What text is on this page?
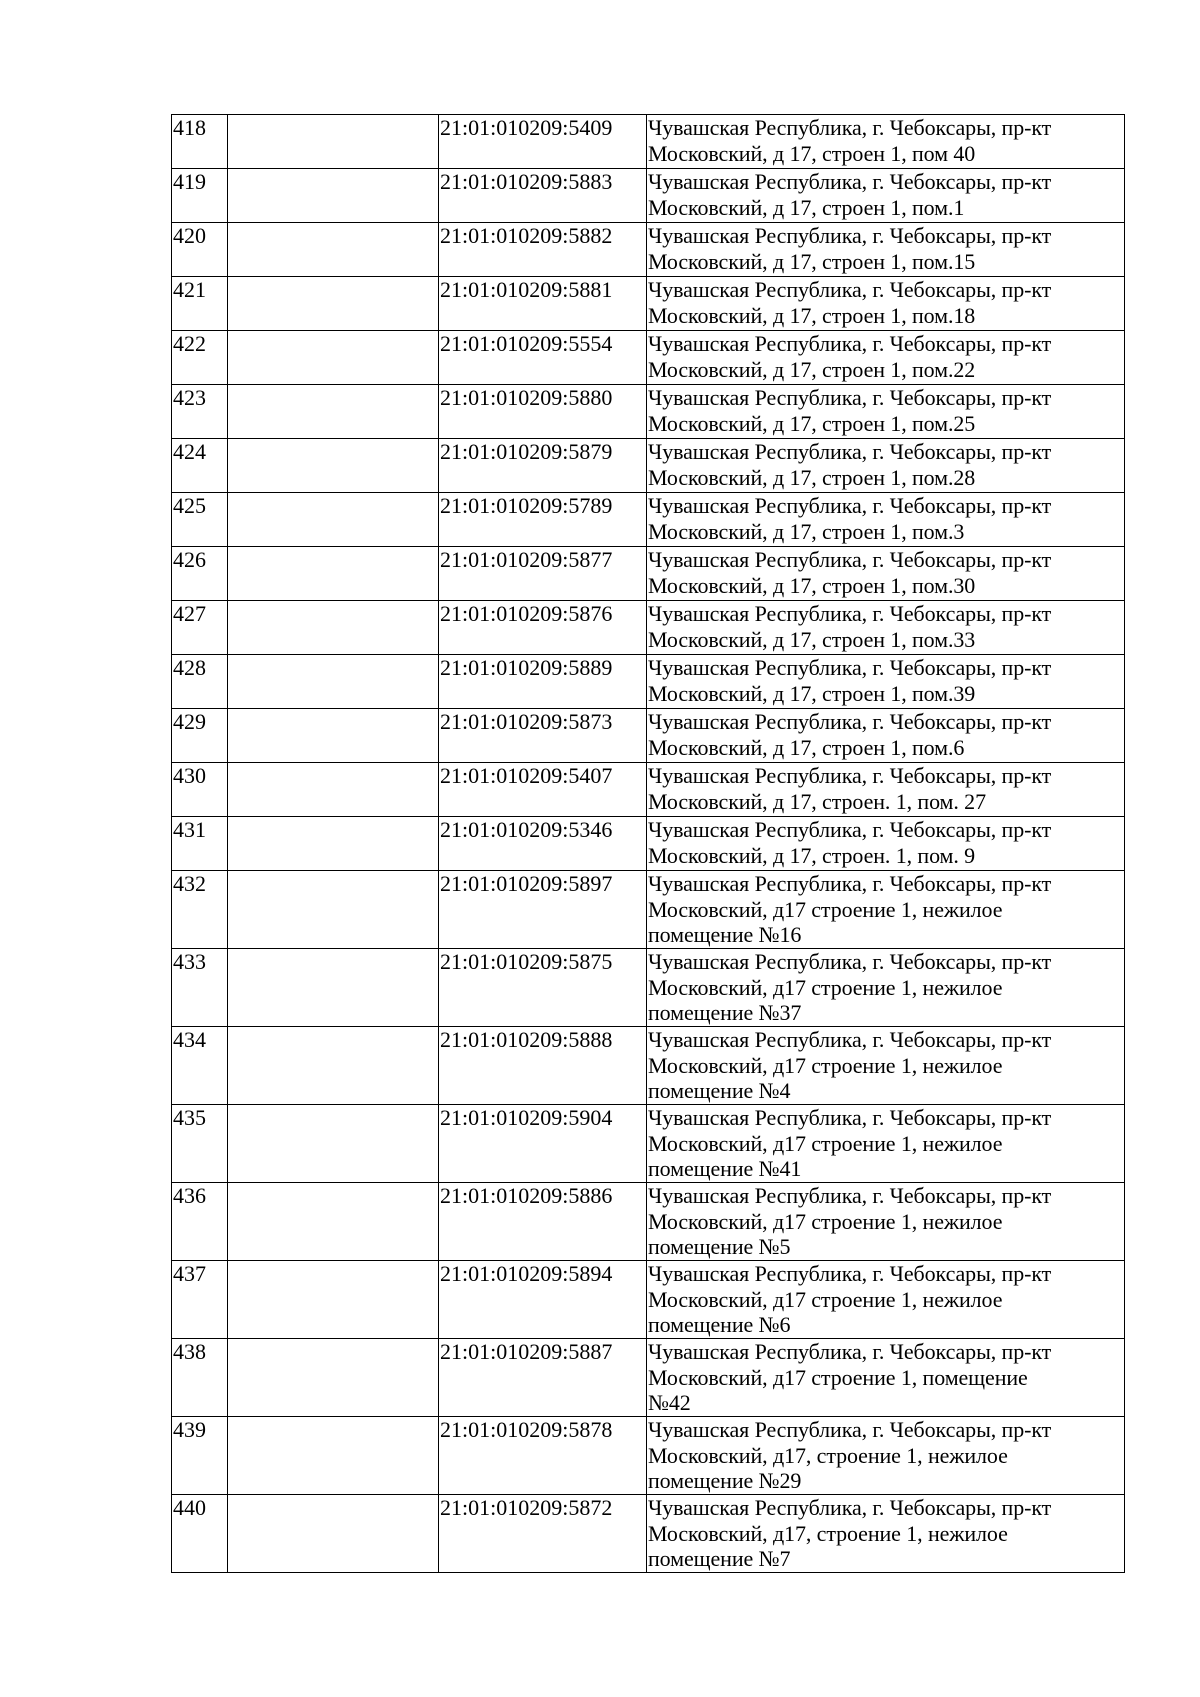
418		21:01:010209:5409	Чувашская Республика, г. Чебоксары, пр-кт
Московский, д 17, строен 1, пом 40
419		21:01:010209:5883	Чувашская Республика, г. Чебоксары, пр-кт
Московский, д 17, строен 1, пом.1
420		21:01:010209:5882	Чувашская Республика, г. Чебоксары, пр-кт
Московский, д 17, строен 1, пом.15
421		21:01:010209:5881	Чувашская Республика, г. Чебоксары, пр-кт
Московский, д 17, строен 1, пом.18
422		21:01:010209:5554	Чувашская Республика, г. Чебоксары, пр-кт
Московский, д 17, строен 1, пом.22
423		21:01:010209:5880	Чувашская Республика, г. Чебоксары, пр-кт
Московский, д 17, строен 1, пом.25
424		21:01:010209:5879	Чувашская Республика, г. Чебоксары, пр-кт
Московский, д 17, строен 1, пом.28
425		21:01:010209:5789	Чувашская Республика, г. Чебоксары, пр-кт
Московский, д 17, строен 1, пом.3
426		21:01:010209:5877	Чувашская Республика, г. Чебоксары, пр-кт
Московский, д 17, строен 1, пом.30
427		21:01:010209:5876	Чувашская Республика, г. Чебоксары, пр-кт
Московский, д 17, строен 1, пом.33
428		21:01:010209:5889	Чувашская Республика, г. Чебоксары, пр-кт
Московский, д 17, строен 1, пом.39
429		21:01:010209:5873	Чувашская Республика, г. Чебоксары, пр-кт
Московский, д 17, строен 1, пом.6
430		21:01:010209:5407	Чувашская Республика, г. Чебоксары, пр-кт
Московский, д 17, строен. 1, пом. 27
431		21:01:010209:5346	Чувашская Республика, г. Чебоксары, пр-кт
Московский, д 17, строен. 1, пом. 9
432		21:01:010209:5897	Чувашская Республика, г. Чебоксары, пр-кт
Московский, д17 строение 1, нежилое
помещение №16
433		21:01:010209:5875	Чувашская Республика, г. Чебоксары, пр-кт
Московский, д17 строение 1, нежилое
помещение №37
434		21:01:010209:5888	Чувашская Республика, г. Чебоксары, пр-кт
Московский, д17 строение 1, нежилое
помещение №4
435		21:01:010209:5904	Чувашская Республика, г. Чебоксары, пр-кт
Московский, д17 строение 1, нежилое
помещение №41
436		21:01:010209:5886	Чувашская Республика, г. Чебоксары, пр-кт
Московский, д17 строение 1, нежилое
помещение №5
437		21:01:010209:5894	Чувашская Республика, г. Чебоксары, пр-кт
Московский, д17 строение 1, нежилое
помещение №6
438		21:01:010209:5887	Чувашская Республика, г. Чебоксары, пр-кт
Московский, д17 строение 1, помещение
№42
439		21:01:010209:5878	Чувашская Республика, г. Чебоксары, пр-кт
Московский, д17, строение 1, нежилое
помещение №29
440		21:01:010209:5872	Чувашская Республика, г. Чебоксары, пр-кт
Московский, д17, строение 1, нежилое
помещение №7
